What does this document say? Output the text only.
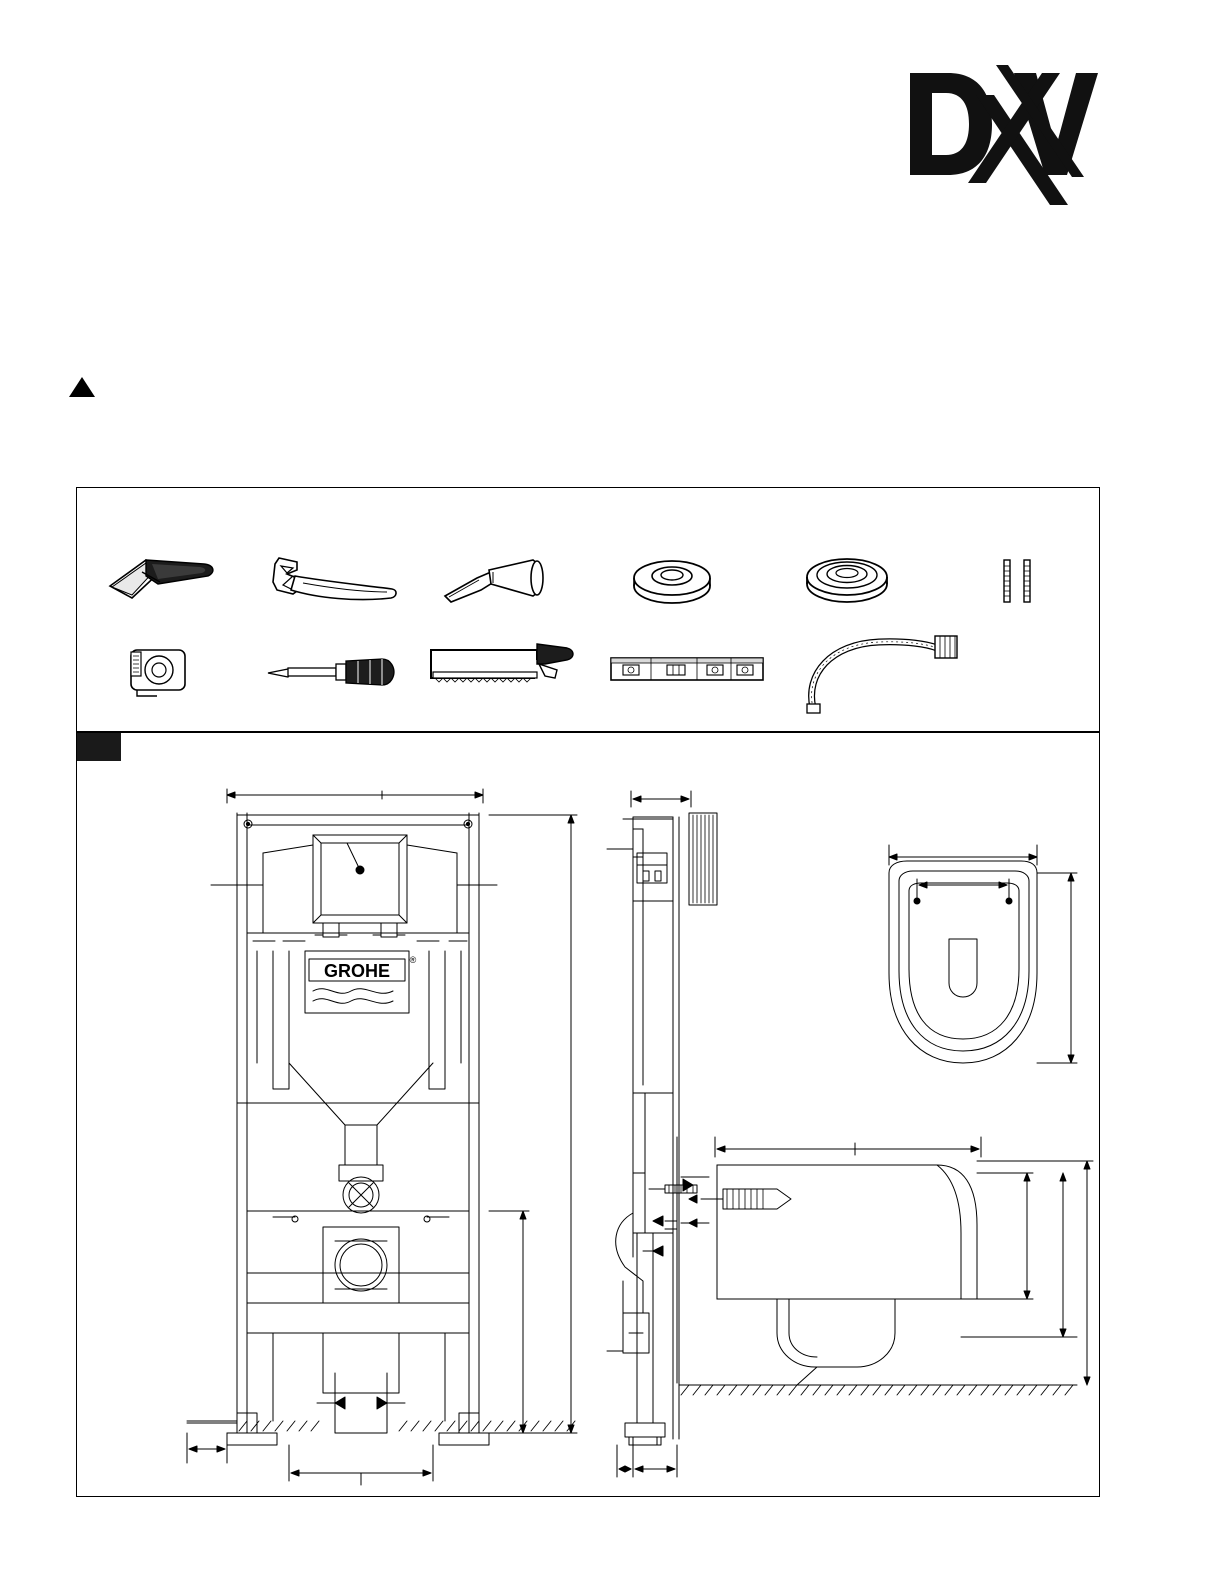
GROHE
®
